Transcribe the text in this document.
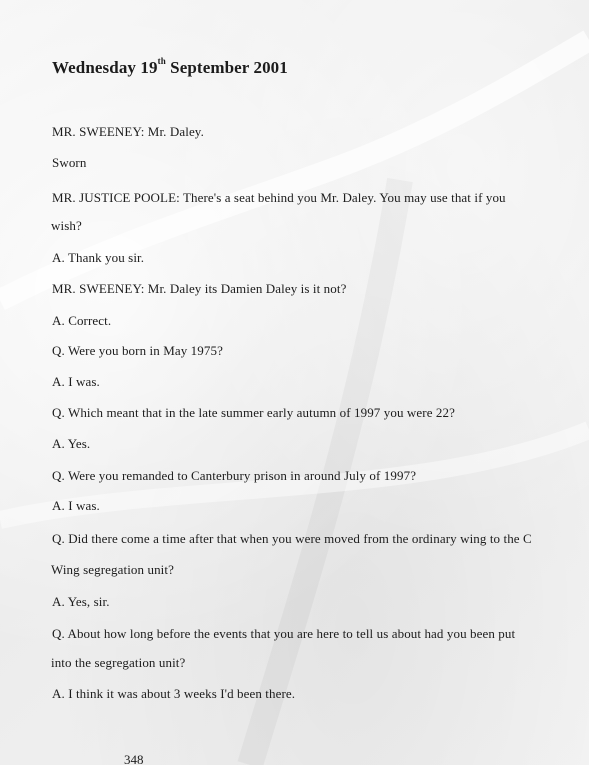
Wednesday 19th September 2001
MR. SWEENEY: Mr. Daley.
Sworn
MR. JUSTICE POOLE: There's a seat behind you Mr. Daley. You may use that if you
wish?
A. Thank you sir.
MR. SWEENEY: Mr. Daley its Damien Daley is it not?
A. Correct.
Q. Were you born in May 1975?
A. I was.
Q. Which meant that in the late summer early autumn of 1997 you were 22?
A. Yes.
Q. Were you remanded to Canterbury prison in around July of 1997?
A. I was.
Q. Did there come a time after that when you were moved from the ordinary wing to the C
Wing segregation unit?
A. Yes, sir.
Q. About how long before the events that you are here to tell us about had you been put
into the segregation unit?
A. I think it was about 3 weeks I'd been there.
348
